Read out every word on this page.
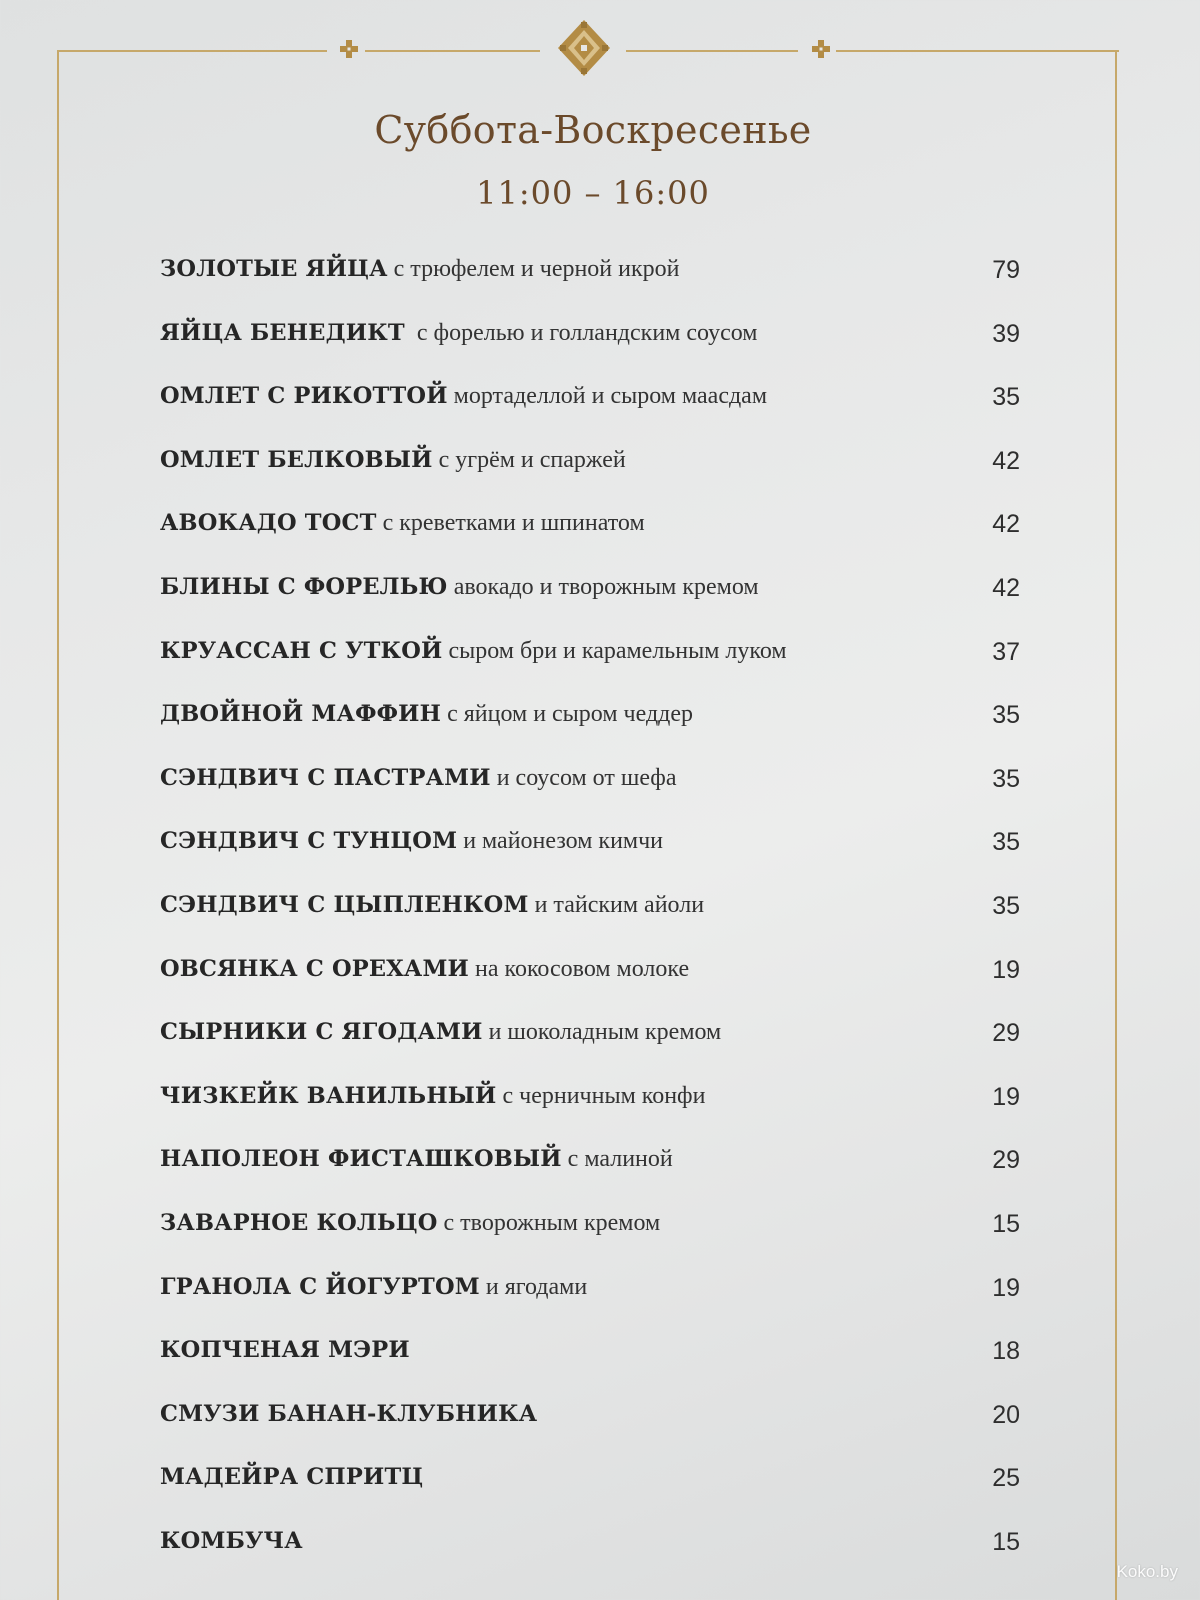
Суббота-Воскресенье
11:00 – 16:00
ЗОЛОТЫЕ ЯЙЦА с трюфелем и черной икрой	79
ЯЙЦА БЕНЕДИКТ  с форелью и голландским соусом	39
ОМЛЕТ С РИКОТТОЙ мортаделлой и сыром маасдам	35
ОМЛЕТ БЕЛКОВЫЙ с угрём и спаржей	42
АВОКАДО ТОСТ с креветками и шпинатом	42
БЛИНЫ С ФОРЕЛЬЮ авокадо и творожным кремом	42
КРУАССАН С УТКОЙ сыром бри и карамельным луком	37
ДВОЙНОЙ МАФФИН с яйцом и сыром чеддер	35
СЭНДВИЧ С ПАСТРАМИ и соусом от шефа	35
СЭНДВИЧ С ТУНЦОМ и майонезом кимчи	35
СЭНДВИЧ С ЦЫПЛЕНКОМ и тайским айоли	35
ОВСЯНКА С ОРЕХАМИ на кокосовом молоке	19
СЫРНИКИ С ЯГОДАМИ и шоколадным кремом	29
ЧИЗКЕЙК ВАНИЛЬНЫЙ с черничным конфи	19
НАПОЛЕОН ФИСТАШКОВЫЙ с малиной	29
ЗАВАРНОЕ КОЛЬЦО с творожным кремом	15
ГРАНОЛА С ЙОГУРТОМ и ягодами	19
КОПЧЕНАЯ МЭРИ	18
СМУЗИ БАНАН-КЛУБНИКА	20
МАДЕЙРА СПРИТЦ	25
КОМБУЧА	15
Koko.by
